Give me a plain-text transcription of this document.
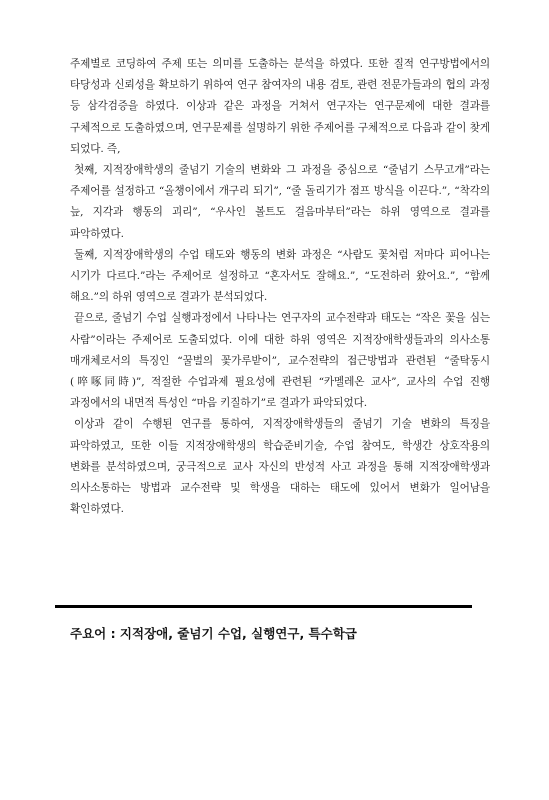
주제별로 코딩하여 주제 또는 의미를 도출하는 분석을 하였다. 또한 질적 연구방법에서의 타당성과 신뢰성을 확보하기 위하여 연구 참여자의 내용 검토, 관련 전문가들과의 협의 과정 등 삼각검증을 하였다. 이상과 같은 과정을 거쳐서 연구자는 연구문제에 대한 결과를 구체적으로 도출하였으며, 연구문제를 설명하기 위한 주제어를 구체적으로 다음과 같이 찾게 되었다. 즉,

첫째, 지적장애학생의 줄넘기 기술의 변화와 그 과정을 중심으로 “줄넘기 스무고개”라는 주제어를 설정하고 “올챙이에서 개구리 되기”, “줄 돌리기가 점프 방식을 이끈다.”, “착각의 늪, 지각과 행동의 괴리”, “우사인 볼트도 걸음마부터”라는 하위 영역으로 결과를 파악하였다.

둘째, 지적장애학생의 수업 태도와 행동의 변화 과정은 “사람도 꽃처럼 저마다 피어나는 시기가 다르다.”라는 주제어로 설정하고 “혼자서도 잘해요.”, “도전하러 왔어요.”, “함께 해요.”의 하위 영역으로 결과가 분석되었다.

끝으로, 줄넘기 수업 실행과정에서 나타나는 연구자의 교수전략과 태도는 “작은 꽃을 심는 사람”이라는 주제어로 도출되었다. 이에 대한 하위 영역은 지적장애학생들과의 의사소통 매개체로서의 특징인 “꿀벌의 꽃가루받이”, 교수전략의 접근방법과 관련된 “줄탁동시(啐啄同時)”, 적절한 수업과제 필요성에 관련된 “카멜레온 교사”, 교사의 수업 진행 과정에서의 내면적 특성인 “마음 키질하기”로 결과가 파악되었다.

이상과 같이 수행된 연구를 통하여, 지적장애학생들의 줄넘기 기술 변화의 특징을 파악하였고, 또한 이들 지적장애학생의 학습준비기술, 수업 참여도, 학생간 상호작용의 변화를 분석하였으며, 궁극적으로 교사 자신의 반성적 사고 과정을 통해 지적장애학생과 의사소통하는 방법과 교수전략 및 학생을 대하는 태도에 있어서 변화가 일어남을 확인하였다.

주요어 : 지적장애, 줄넘기 수업, 실행연구, 특수학급
